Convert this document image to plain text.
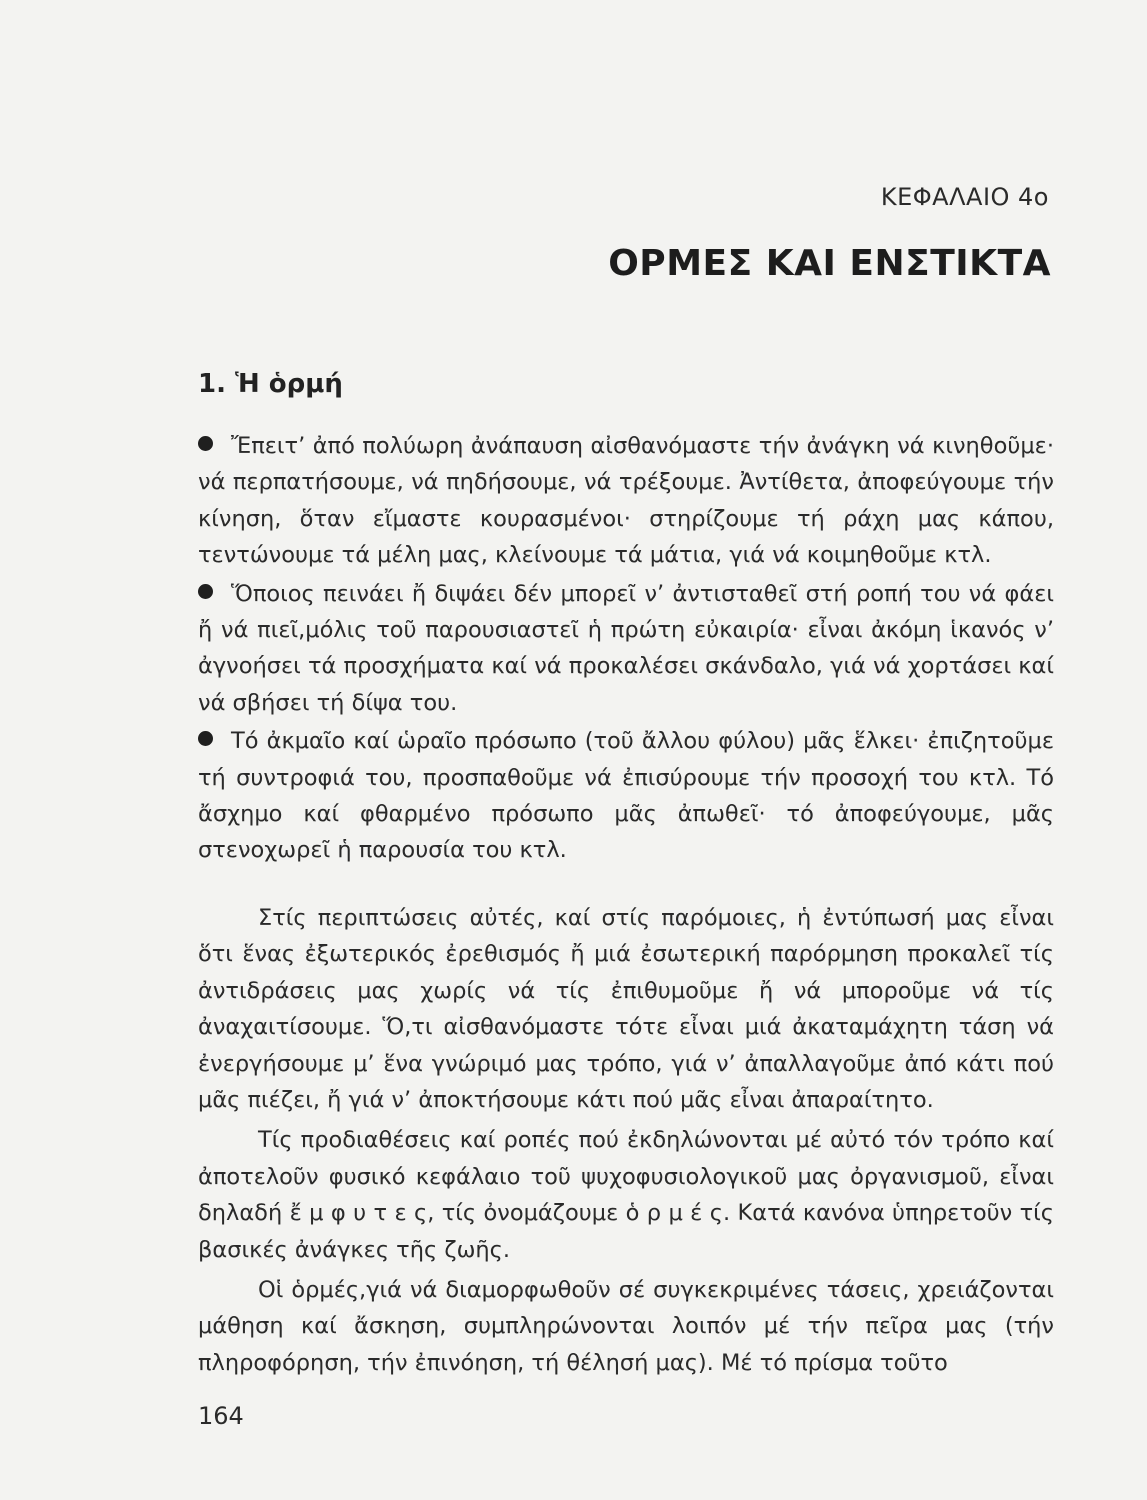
ΚΕΦΑΛΑΙΟ 4ο
ΟΡΜΕΣ ΚΑΙ ΕΝΣΤΙΚΤΑ
1. Ἡ ὁρμή
Ἔπειτ’ ἀπό πολύωρη ἀνάπαυση αἰσθανόμαστε τήν ἀνάγκη νά κινηθοῦμε· νά περπατήσουμε, νά πηδήσουμε, νά τρέξουμε. Ἀντίθετα, ἀποφεύγουμε τήν κίνηση, ὅταν εἴμαστε κουρασμένοι· στηρίζουμε τή ράχη μας κάπου, τεντώνουμε τά μέλη μας, κλείνουμε τά μάτια, γιά νά κοιμηθοῦμε κτλ.
Ὅποιος πεινάει ἤ διψάει δέν μπορεῖ ν’ ἀντισταθεῖ στή ροπή του νά φάει ἤ νά πιεῖ,μόλις τοῦ παρουσιαστεῖ ἡ πρώτη εὐκαιρία· εἶναι ἀκόμη ἱκανός ν’ ἀγνοήσει τά προσχήματα καί νά προκαλέσει σκάνδαλο, γιά νά χορτάσει καί νά σβήσει τή δίψα του.
Τό ἀκμαῖο καί ὡραῖο πρόσωπο (τοῦ ἄλλου φύλου) μᾶς ἕλκει· ἐπιζητοῦμε τή συντροφιά του, προσπαθοῦμε νά ἐπισύρουμε τήν προσοχή του κτλ. Τό ἄσχημο καί φθαρμένο πρόσωπο μᾶς ἀπωθεῖ· τό ἀποφεύγουμε, μᾶς στενοχωρεῖ ἡ παρουσία του κτλ.

Στίς περιπτώσεις αὐτές, καί στίς παρόμοιες, ἡ ἐντύπωσή μας εἶναι ὅτι ἕνας ἐξωτερικός ἐρεθισμός ἤ μιά ἐσωτερική παρόρμηση προκαλεῖ τίς ἀντιδράσεις μας χωρίς νά τίς ἐπιθυμοῦμε ἤ νά μποροῦμε νά τίς ἀναχαιτίσουμε. Ὅ,τι αἰσθανόμαστε τότε εἶναι μιά ἀκαταμάχητη τάση νά ἐνεργήσουμε μ’ ἕνα γνώριμό μας τρόπο, γιά ν’ ἀπαλλαγοῦμε ἀπό κάτι πού μᾶς πιέζει, ἤ γιά ν’ ἀποκτήσουμε κάτι πού μᾶς εἶναι ἀπαραίτητο.

Τίς προδιαθέσεις καί ροπές πού ἐκδηλώνονται μέ αὐτό τόν τρόπο καί ἀποτελοῦν φυσικό κεφάλαιο τοῦ ψυχοφυσιολογικοῦ μας ὀργανισμοῦ, εἶναι δηλαδή ἔ μ φ υ τ ε ς, τίς ὀνομάζουμε ὁ ρ μ έ ς. Κατά κανόνα ὑπηρετοῦν τίς βασικές ἀνάγκες τῆς ζωῆς.

Οἱ ὁρμές,γιά νά διαμορφωθοῦν σέ συγκεκριμένες τάσεις, χρειάζονται μάθηση καί ἄσκηση, συμπληρώνονται λοιπόν μέ τήν πεῖρα μας (τήν πληροφόρηση, τήν ἐπινόηση, τή θέλησή μας). Μέ τό πρίσμα τοῦτο

164
